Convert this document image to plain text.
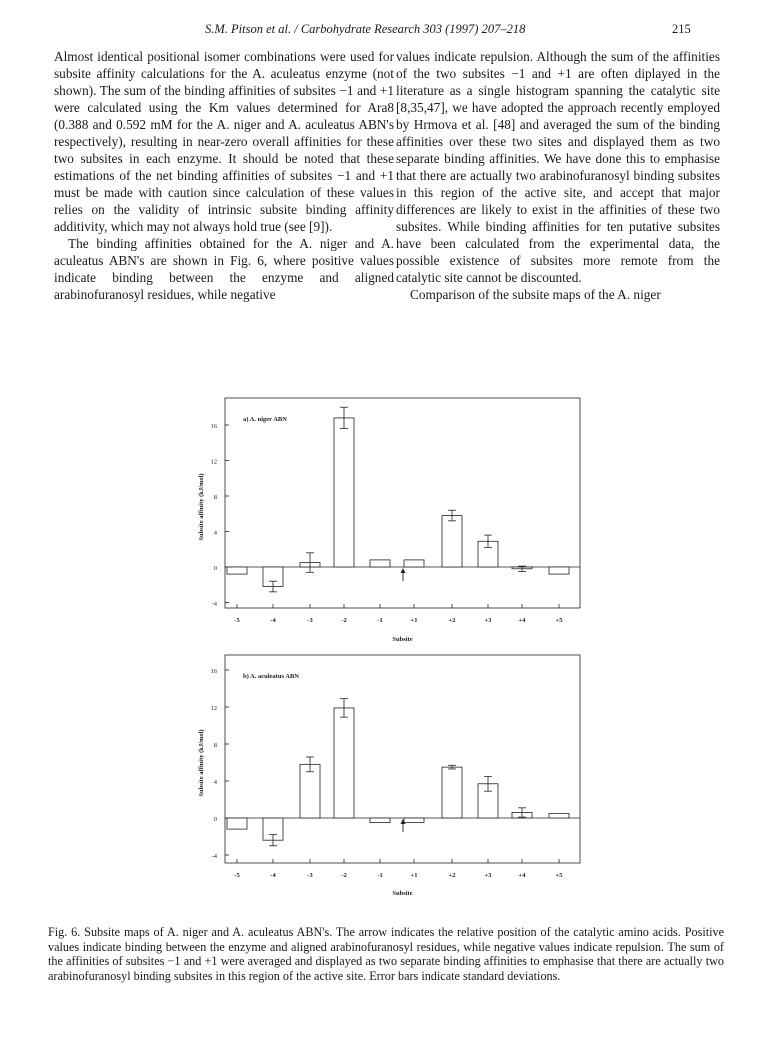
S.M. Pitson et al. / Carbohydrate Research 303 (1997) 207–218	215

Almost identical positional isomer combinations were used for subsite affinity calculations for the A. aculeatus enzyme (not shown). The sum of the binding affinities of subsites −1 and +1 were calculated using the Km values determined for Ara8 (0.388 and 0.592 mM for the A. niger and A. aculeatus ABN's respectively), resulting in near-zero overall affinities for these two subsites in each enzyme. It should be noted that these estimations of the net binding affinities of subsites −1 and +1 must be made with caution since calculation of these values relies on the validity of intrinsic subsite binding affinity additivity, which may not always hold true (see [9]).

The binding affinities obtained for the A. niger and A. aculeatus ABN's are shown in Fig. 6, where positive values indicate binding between the enzyme and aligned arabinofuranosyl residues, while negative

values indicate repulsion. Although the sum of the affinities of the two subsites −1 and +1 are often diplayed in the literature as a single histogram spanning the catalytic site [8,35,47], we have adopted the approach recently employed by Hrmova et al. [48] and averaged the sum of the binding affinities over these two sites and displayed them as two separate binding affinities. We have done this to emphasise that there are actually two arabinofuranosyl binding subsites in this region of the active site, and accept that major differences are likely to exist in the affinities of these two subsites. While binding affinities for ten putative subsites have been calculated from the experimental data, the possible existence of subsites more remote from the catalytic site cannot be discounted.

Comparison of the subsite maps of the A. niger

-4
0
4
8
12
16
Subsite affinity (kJ/mol)
a) A. niger ABN
-5	-4	-3	-2	-1	+1	+2	+3	+4	+5
Subsite
-4
0
4
8
12
16
Subsite affinity (kJ/mol)
b) A. aculeatus ABN
-5	-4	-3	-2	-1	+1	+2	+3	+4	+5
Subsite
Fig. 6. Subsite maps of A. niger and A. aculeatus ABN's. The arrow indicates the relative position of the catalytic amino acids. Positive values indicate binding between the enzyme and aligned arabinofuranosyl residues, while negative values indicate repulsion. The sum of the affinities of subsites −1 and +1 were averaged and displayed as two separate binding affinities to emphasise that there are actually two arabinofuranosyl binding subsites in this region of the active site. Error bars indicate standard deviations.
